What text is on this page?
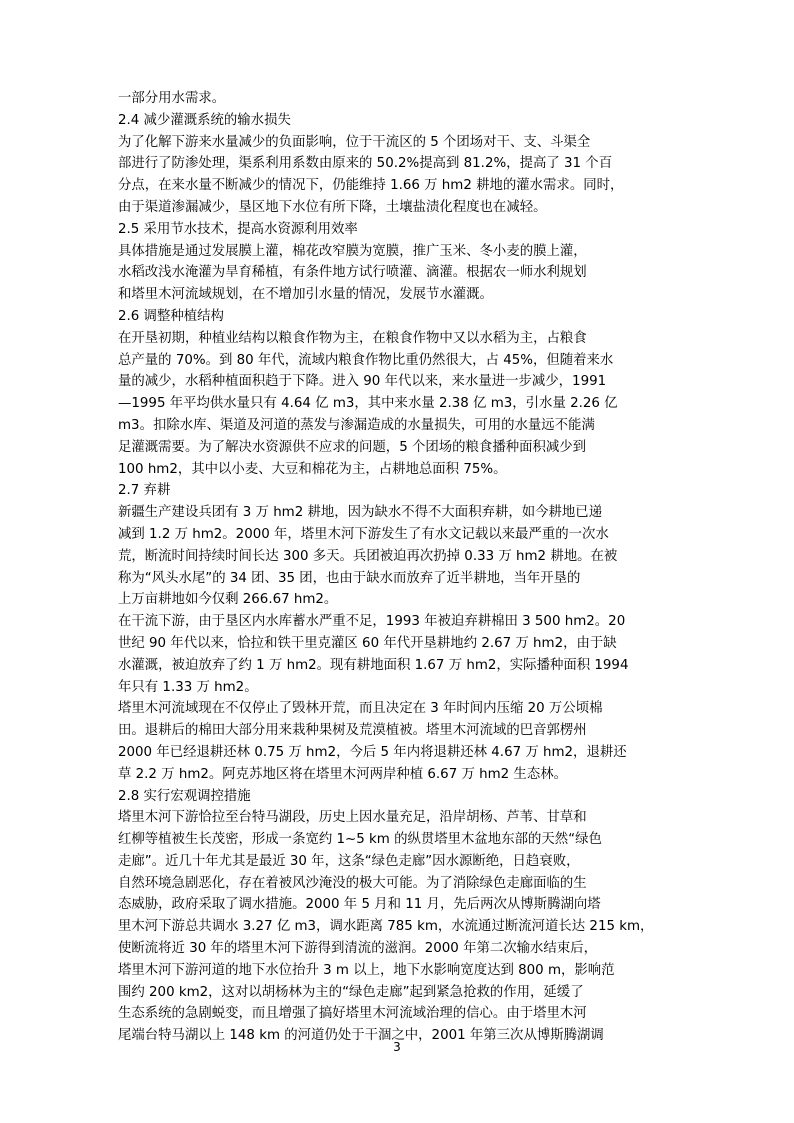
一部分用水需求。
2.4 减少灌溉系统的输水损失
为了化解下游来水量减少的负面影响，位于干流区的 5 个团场对干、支、斗渠全
部进行了防渗处理，渠系利用系数由原来的 50.2%提高到 81.2%，提高了 31 个百
分点，在来水量不断减少的情况下，仍能维持 1.66 万 hm2 耕地的灌水需求。同时，
由于渠道渗漏减少，垦区地下水位有所下降，土壤盐渍化程度也在减轻。
2.5 采用节水技术，提高水资源利用效率
具体措施是通过发展膜上灌，棉花改窄膜为宽膜，推广玉米、冬小麦的膜上灌，
水稻改浅水淹灌为旱育稀植，有条件地方试行喷灌、滴灌。根据农一师水利规划
和塔里木河流域规划，在不增加引水量的情况，发展节水灌溉。
2.6 调整种植结构
在开垦初期，种植业结构以粮食作物为主，在粮食作物中又以水稻为主，占粮食
总产量的 70%。到 80 年代，流域内粮食作物比重仍然很大，占 45%，但随着来水
量的减少，水稻种植面积趋于下降。进入 90 年代以来，来水量进一步减少，1991
—1995 年平均供水量只有 4.64 亿 m3，其中来水量 2.38 亿 m3，引水量 2.26 亿
m3。扣除水库、渠道及河道的蒸发与渗漏造成的水量损失，可用的水量远不能满
足灌溉需要。为了解决水资源供不应求的问题，5 个团场的粮食播种面积减少到
100 hm2，其中以小麦、大豆和棉花为主，占耕地总面积 75%。
2.7 弃耕
新疆生产建设兵团有 3 万 hm2 耕地，因为缺水不得不大面积弃耕，如今耕地已递
减到 1.2 万 hm2。2000 年，塔里木河下游发生了有水文记载以来最严重的一次水
荒，断流时间持续时间长达 300 多天。兵团被迫再次扔掉 0.33 万 hm2 耕地。在被
称为“风头水尾”的 34 团、35 团，也由于缺水而放弃了近半耕地，当年开垦的
上万亩耕地如今仅剩 266.67 hm2。
在干流下游，由于垦区内水库蓄水严重不足，1993 年被迫弃耕棉田 3 500 hm2。20
世纪 90 年代以来，恰拉和铁干里克灌区 60 年代开垦耕地约 2.67 万 hm2，由于缺
水灌溉，被迫放弃了约 1 万 hm2。现有耕地面积 1.67 万 hm2，实际播种面积 1994
年只有 1.33 万 hm2。
塔里木河流域现在不仅停止了毁林开荒，而且决定在 3 年时间内压缩 20 万公顷棉
田。退耕后的棉田大部分用来栽种果树及荒漠植被。塔里木河流域的巴音郭楞州
2000 年已经退耕还林 0.75 万 hm2，今后 5 年内将退耕还林 4.67 万 hm2，退耕还
草 2.2 万 hm2。阿克苏地区将在塔里木河两岸种植 6.67 万 hm2 生态林。
2.8 实行宏观调控措施
塔里木河下游恰拉至台特马湖段，历史上因水量充足，沿岸胡杨、芦苇、甘草和
红柳等植被生长茂密，形成一条宽约 1~5 km 的纵贯塔里木盆地东部的天然“绿色
走廊”。近几十年尤其是最近 30 年，这条“绿色走廊”因水源断绝，日趋衰败，
自然环境急剧恶化，存在着被风沙淹没的极大可能。为了消除绿色走廊面临的生
态威胁，政府采取了调水措施。2000 年 5 月和 11 月，先后两次从博斯腾湖向塔
里木河下游总共调水 3.27 亿 m3，调水距离 785 km，水流通过断流河道长达 215 km，
使断流将近 30 年的塔里木河下游得到清流的滋润。2000 年第二次输水结束后，
塔里木河下游河道的地下水位抬升 3 m 以上，地下水影响宽度达到 800 m，影响范
围约 200 km2，这对以胡杨林为主的“绿色走廊”起到紧急抢救的作用，延缓了
生态系统的急剧蜕变，而且增强了搞好塔里木河流域治理的信心。由于塔里木河
尾端台特马湖以上 148 km 的河道仍处于干涸之中，2001 年第三次从博斯腾湖调
3
